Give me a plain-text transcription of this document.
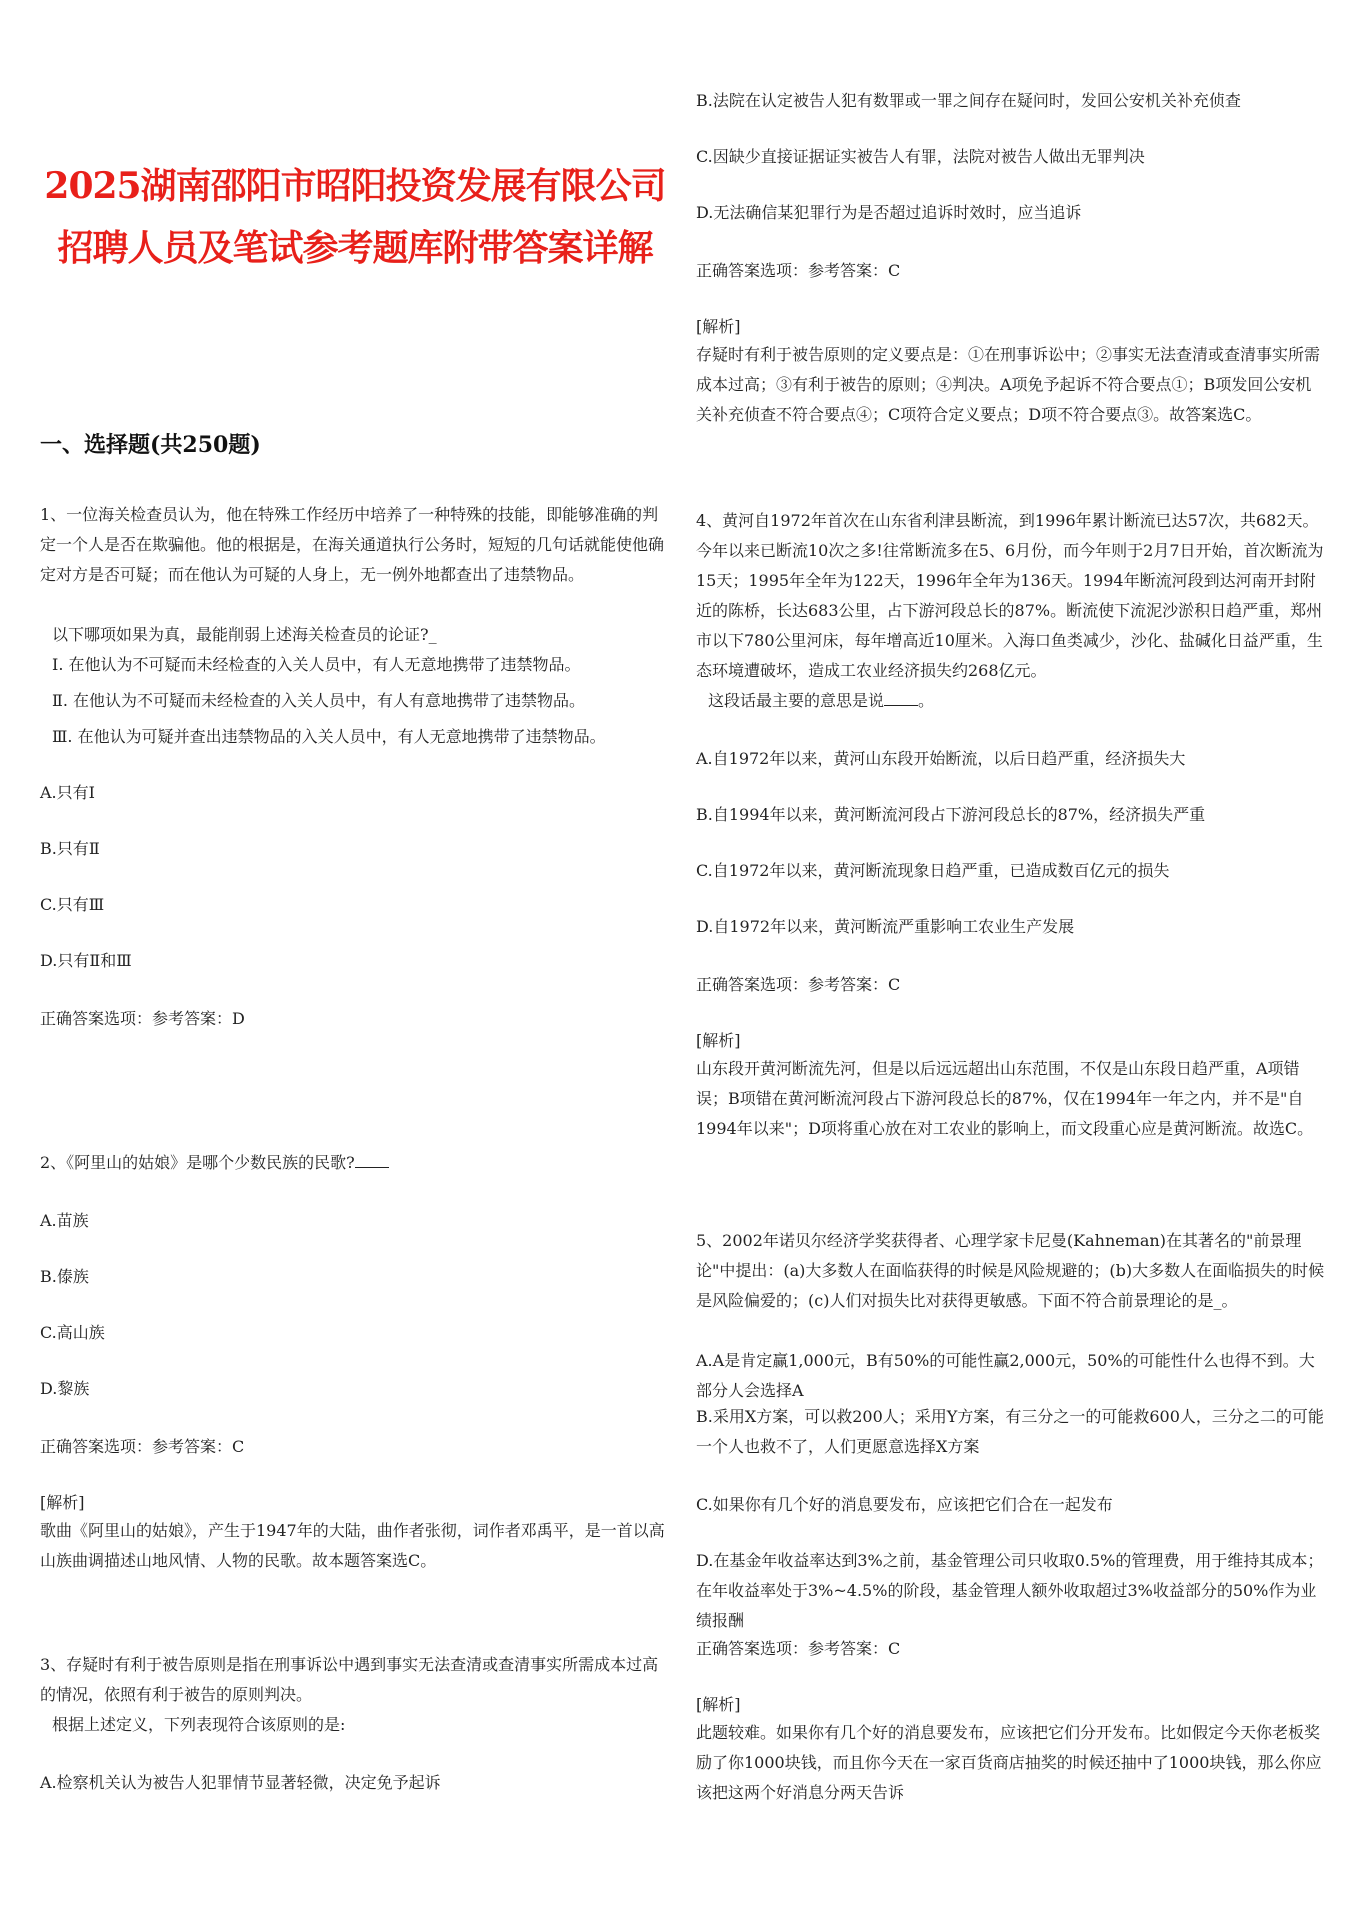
2025湖南邵阳市昭阳投资发展有限公司招聘人员及笔试参考题库附带答案详解
一、选择题(共250题)
1、一位海关检查员认为，他在特殊工作经历中培养了一种特殊的技能，即能够准确的判定一个人是否在欺骗他。他的根据是，在海关通道执行公务时，短短的几句话就能使他确定对方是否可疑；而在他认为可疑的人身上，无一例外地都查出了违禁物品。
以下哪项如果为真，最能削弱上述海关检查员的论证?_
Ⅰ. 在他认为不可疑而未经检查的入关人员中，有人无意地携带了违禁物品。
Ⅱ. 在他认为不可疑而未经检查的入关人员中，有人有意地携带了违禁物品。
Ⅲ. 在他认为可疑并查出违禁物品的入关人员中，有人无意地携带了违禁物品。
A.只有Ⅰ
B.只有Ⅱ
C.只有Ⅲ
D.只有Ⅱ和Ⅲ
正确答案选项：参考答案：D
2、《阿里山的姑娘》是哪个少数民族的民歌?
A.苗族
B.傣族
C.高山族
D.黎族
正确答案选项：参考答案：C
[解析]
歌曲《阿里山的姑娘》，产生于1947年的大陆，曲作者张彻，词作者邓禹平，是一首以高山族曲调描述山地风情、人物的民歌。故本题答案选C。
3、存疑时有利于被告原则是指在刑事诉讼中遇到事实无法查清或查清事实所需成本过高的情况，依照有利于被告的原则判决。
根据上述定义，下列表现符合该原则的是:
A.检察机关认为被告人犯罪情节显著轻微，决定免予起诉
B.法院在认定被告人犯有数罪或一罪之间存在疑问时，发回公安机关补充侦查
C.因缺少直接证据证实被告人有罪，法院对被告人做出无罪判决
D.无法确信某犯罪行为是否超过追诉时效时，应当追诉
正确答案选项：参考答案：C
[解析]
存疑时有利于被告原则的定义要点是：①在刑事诉讼中；②事实无法查清或查清事实所需成本过高；③有利于被告的原则；④判决。A项免予起诉不符合要点①；B项发回公安机关补充侦查不符合要点④；C项符合定义要点；D项不符合要点③。故答案选C。
4、黄河自1972年首次在山东省利津县断流，到1996年累计断流已达57次，共682天。今年以来已断流10次之多!往常断流多在5、6月份，而今年则于2月7日开始，首次断流为15天；1995年全年为122天，1996年全年为136天。1994年断流河段到达河南开封附近的陈桥，长达683公里，占下游河段总长的87%。断流使下流泥沙淤积日趋严重，郑州市以下780公里河床，每年增高近10厘米。入海口鱼类减少，沙化、盐碱化日益严重，生态环境遭破坏，造成工农业经济损失约268亿元。
这段话最主要的意思是说 。
A.自1972年以来，黄河山东段开始断流，以后日趋严重，经济损失大
B.自1994年以来，黄河断流河段占下游河段总长的87%，经济损失严重
C.自1972年以来，黄河断流现象日趋严重，已造成数百亿元的损失
D.自1972年以来，黄河断流严重影响工农业生产发展
正确答案选项：参考答案：C
[解析]
山东段开黄河断流先河，但是以后远远超出山东范围，不仅是山东段日趋严重，A项错误；B项错在黄河断流河段占下游河段总长的87%，仅在1994年一年之内，并不是"自1994年以来"；D项将重心放在对工农业的影响上，而文段重心应是黄河断流。故选C。
5、2002年诺贝尔经济学奖获得者、心理学家卡尼曼(Kahneman)在其著名的"前景理论"中提出：(a)大多数人在面临获得的时候是风险规避的；(b)大多数人在面临损失的时候是风险偏爱的；(c)人们对损失比对获得更敏感。下面不符合前景理论的是_。
A.A是肯定赢1,000元，B有50%的可能性赢2,000元，50%的可能性什么也得不到。大部分人会选择A
B.采用X方案，可以救200人；采用Y方案，有三分之一的可能救600人，三分之二的可能一个人也救不了，人们更愿意选择X方案
C.如果你有几个好的消息要发布，应该把它们合在一起发布
D.在基金年收益率达到3%之前，基金管理公司只收取0.5%的管理费，用于维持其成本；在年收益率处于3%~4.5%的阶段，基金管理人额外收取超过3%收益部分的50%作为业绩报酬
正确答案选项：参考答案：C
[解析]
此题较难。如果你有几个好的消息要发布，应该把它们分开发布。比如假定今天你老板奖励了你1000块钱，而且你今天在一家百货商店抽奖的时候还抽中了1000块钱，那么你应该把这两个好消息分两天告诉
